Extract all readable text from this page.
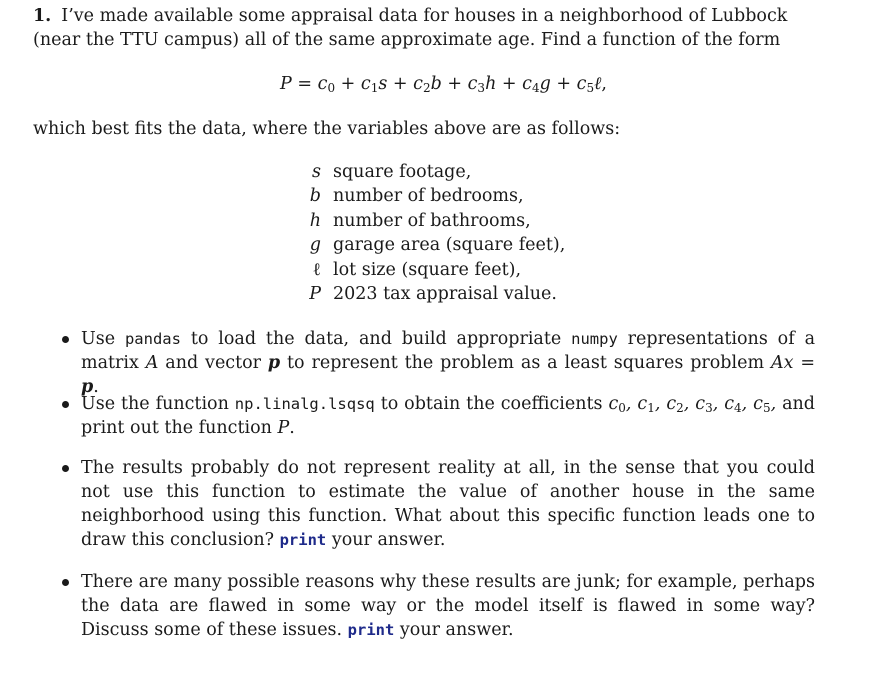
1. I’ve made available some appraisal data for houses in a neighborhood of Lubbock (near the TTU campus) all of the same approximate age. Find a function of the form
$P = c_0 + c_1s + c_2b + c_3h + c_4g$ + $c_5\ell$,
which best fits the data, where the variables above are as follows:
s square footage,
b number of bedrooms,
h number of bathrooms,
g garage area (square feet),
ℓ lot size (square feet),
P 2023 tax appraisal value.
Use pandas to load the data, and build appropriate numpy representations of a matrix A and vector p to represent the problem as a least squares problem Ax = p.
Use the function np.linalg.lsqsq to obtain the coefficients $c_0$, $c_1$, $c_2$, $c_3$, $c_4$, $c_5$, and print out the function P.
The results probably do not represent reality at all, in the sense that you could not use this function to estimate the value of another house in the same neighborhood using this function. What about this specific function leads one to draw this conclusion? print your answer.
There are many possible reasons why these results are junk; for example, perhaps the data are flawed in some way or the model itself is flawed in some way? Discuss some of these issues. print your answer.
